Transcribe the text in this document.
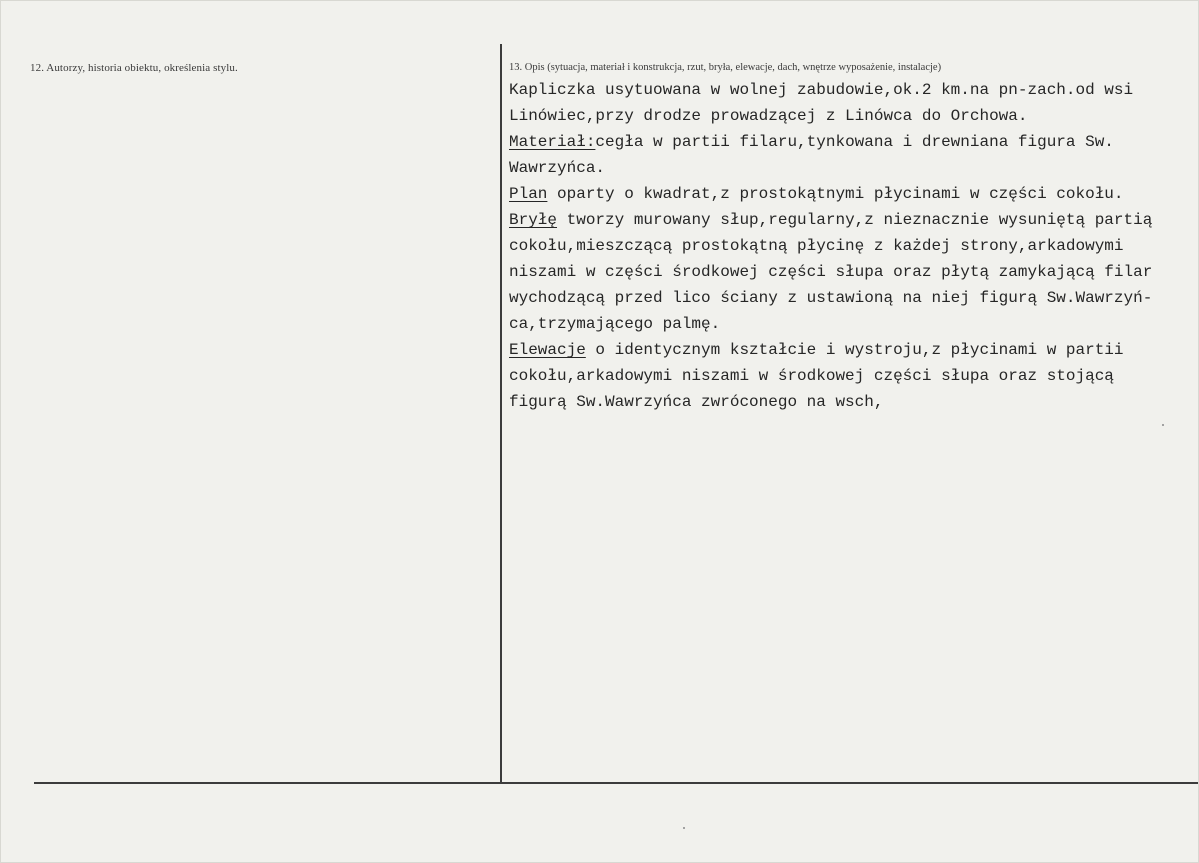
12. Autorzy, historia obiektu, określenia stylu.	13. Opis (sytuacja, materiał i konstrukcja, rzut, bryła, elewacje, dach, wnętrze wyposażenie, instalacje)
Kapliczka usytuowana w wolnej zabudowie,ok.2 km.na pn-zach.od wsi
Linówiec,przy drodze prowadzącej z Linówca do Orchowa.
Materiał:cegła w partii filaru,tynkowana i drewniana figura Sw.
Wawrzyńca.
Plan oparty o kwadrat,z prostokątnymi płycinami w części cokołu.
Bryłę tworzy murowany słup,regularny,z nieznacznie wysuniętą partią
cokołu,mieszczącą prostokątną płycinę z każdej strony,arkadowymi
niszami w części środkowej części słupa oraz płytą zamykającą filar
wychodzącą przed lico ściany z ustawioną na niej figurą Sw.Wawrzyń-
ca,trzymającego palmę.
Elewacje o identycznym kształcie i wystroju,z płycinami w partii
cokołu,arkadowymi niszami w środkowej części słupa oraz stojącą
figurą Sw.Wawrzyńca zwróconego na wsch,
